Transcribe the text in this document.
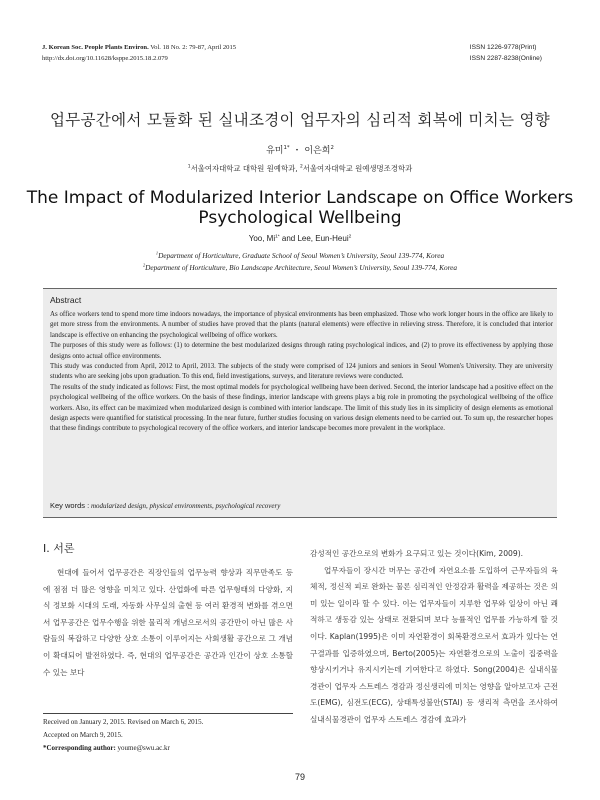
J. Korean Soc. People Plants Environ. Vol. 18 No. 2: 79-87, April 2015
http://dx.doi.org/10.11628/ksppe.2015.18.2.079
ISSN 1226-9778(Print)
ISSN 2287-8238(Online)
업무공간에서 모듈화 된 실내조경이 업무자의 심리적 회복에 미치는 영향
유미$^{1*}$ ・ 이은희$^2$
$^1$서울여자대학교 대학원 원예학과, $^2$서울여자대학교 원예생명조경학과
The Impact of Modularized Interior Landscape on Office Workers
Psychological Wellbeing
Yoo, $Mi^{1*}$ and Lee, Eun-Heui$^2$
$^1$Department of Horticulture, Graduate School of Seoul Women’s University, Seoul 139-774, Korea
$^2$Department of Horticulture, Bio Landscape Architecture, Seoul Women’s University, Seoul 139-774, Korea
Abstract

As office workers tend to spend more time indoors nowadays, the importance of physical environments has been emphasized. Those who work longer hours in the office are likely to get more stress from the environments. A number of studies have proved that the plants (natural elements) were effective in relieving stress. Therefore, it is concluded that interior landscape is effective on enhancing the psychological wellbeing of office workers.

The purposes of this study were as follows: (1) to determine the best modularized designs through rating psychological indices, and (2) to prove its effectiveness by applying those designs onto actual office environments.

This study was conducted from April, 2012 to April, 2013. The subjects of the study were comprised of 124 juniors and seniors in Seoul Women's University. They are university students who are seeking jobs upon graduation. To this end, field investigations, surveys, and literature reviews were conducted.

The results of the study indicated as follows: First, the most optimal models for psychological wellbeing have been derived. Second, the interior landscape had a positive effect on the psychological wellbeing of the office workers. On the basis of these findings, interior landscape with greens plays a big role in promoting the psychological wellbeing of the office workers. Also, its effect can be maximized when modularized design is combined with interior landscape. The limit of this study lies in its simplicity of design elements as emotional design aspects were quantified for statistical processing. In the near future, further studies focusing on various design elements need to be carried out. To sum up, the researcher hopes that these findings contribute to psychological recovery of the office workers, and interior landscape becomes more prevalent in the workplace.

Key words : modularized design, physical environments, psychological recovery
Ⅰ. 서론

현대에 들어서 업무공간은 직장인들의 업무능력 향상과 직무만족도 등에 점점 더 많은 영향을 미치고 있다. 산업화에 따른 업무형태의 다양화, 지식 정보화 시대의 도래, 자동화 사무실의 출현 등 여러 환경적 변화를 겪으면서 업무공간은 업무수행을 위한 물리적 개념으로서의 공간만이 아닌 많은 사람들의 복잡하고 다양한 상호 소통이 이루어지는 사회생활 공간으로 그 개념이 확대되어 발전하였다. 즉, 현대의 업무공간은 공간과 인간이 상호 소통할 수 있는 보다

감성적인 공간으로의 변화가 요구되고 있는 것이다(Kim, 2009).

업무자들이 장시간 머무는 공간에 자연요소를 도입하여 근무자들의 육체적, 정신적 피로 완화는 물론 심리적인 안정감과 활력을 제공하는 것은 의미 있는 일이라 할 수 있다. 이는 업무자들이 지루한 업무와 일상이 아닌 쾌적하고 생동감 있는 상태로 전환되며 보다 능률적인 업무를 가능하게 할 것이다. Kaplan(1995)은 이미 자연환경이 회복환경으로서 효과가 있다는 연구결과를 입증하였으며, Berto(2005)는 자연환경으로의 노출이 집중력을 향상시키거나 유지시키는데 기여한다고 하였다. Song(2004)은 실내식물경관이 업무자 스트레스 경감과 정신생리에 미치는 영향을 알아보고자 근전도(EMG), 심전도(ECG), 상태특성불안(STAI) 등 생리적 측면을 조사하여 실내식물경관이 업무자 스트레스 경감에 효과가

Received on January 2, 2015. Revised on March 6, 2015.
Accepted on March 9, 2015.
*Corresponding author: youme@swu.ac.kr
79
